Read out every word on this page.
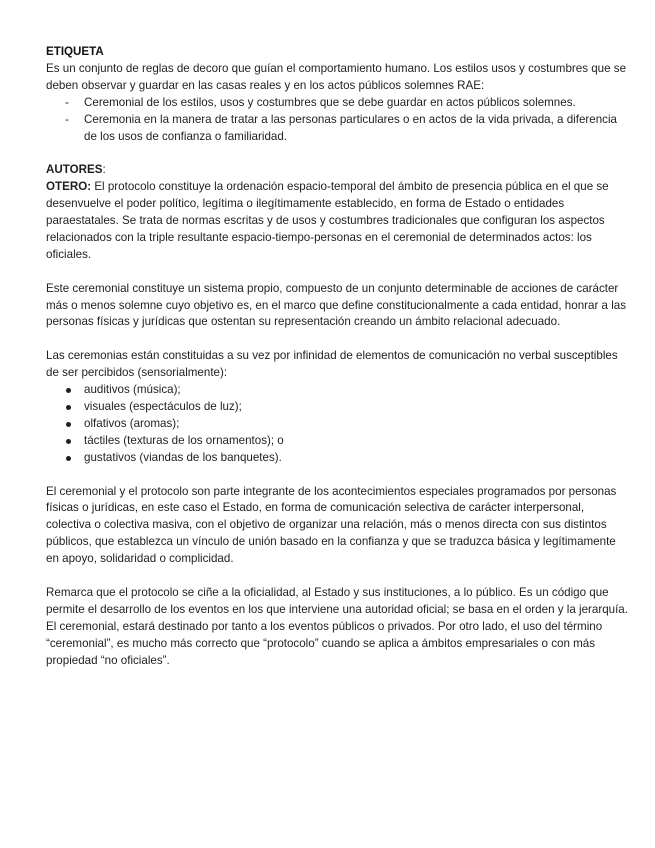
ETIQUETA

Es un conjunto de reglas de decoro que guían el comportamiento humano. Los estilos usos y costumbres que se deben observar y guardar en las casas reales y en los actos públicos solemnes RAE:

- Ceremonial de los estilos, usos y costumbres que se debe guardar en actos públicos solemnes.
- Ceremonia en la manera de tratar a las personas particulares o en actos de la vida privada, a diferencia de los usos de confianza o familiaridad.

AUTORES:

OTERO: El protocolo constituye la ordenación espacio-temporal del ámbito de presencia pública en el que se desenvuelve el poder político, legítima o ilegítimamente establecido, en forma de Estado o entidades paraestatales. Se trata de normas escritas y de usos y costumbres tradicionales que configuran los aspectos relacionados con la triple resultante espacio-tiempo-personas en el ceremonial de determinados actos: los oficiales.

Este ceremonial constituye un sistema propio, compuesto de un conjunto determinable de acciones de carácter más o menos solemne cuyo objetivo es, en el marco que define constitucionalmente a cada entidad, honrar a las personas físicas y jurídicas que ostentan su representación creando un ámbito relacional adecuado.

Las ceremonias están constituidas a su vez por infinidad de elementos de comunicación no verbal susceptibles de ser percibidos (sensorialmente):

auditivos (música);
visuales (espectáculos de luz);
olfativos (aromas);
táctiles (texturas de los ornamentos); o
gustativos (viandas de los banquetes).

El ceremonial y el protocolo son parte integrante de los acontecimientos especiales programados por personas físicas o jurídicas, en este caso el Estado, en forma de comunicación selectiva de carácter interpersonal, colectiva o colectiva masiva, con el objetivo de organizar una relación, más o menos directa con sus distintos públicos, que establezca un vínculo de unión basado en la confianza y que se traduzca básica y legítimamente en apoyo, solidaridad o complicidad.

Remarca que el protocolo se ciñe a la oficialidad, al Estado y sus instituciones, a lo público. Es un código que permite el desarrollo de los eventos en los que interviene una autoridad oficial; se basa en el orden y la jerarquía. El ceremonial, estará destinado por tanto a los eventos públicos o privados. Por otro lado, el uso del término “ceremonial”, es mucho más correcto que “protocolo” cuando se aplica a ámbitos empresariales o con más propiedad “no oficiales”.
